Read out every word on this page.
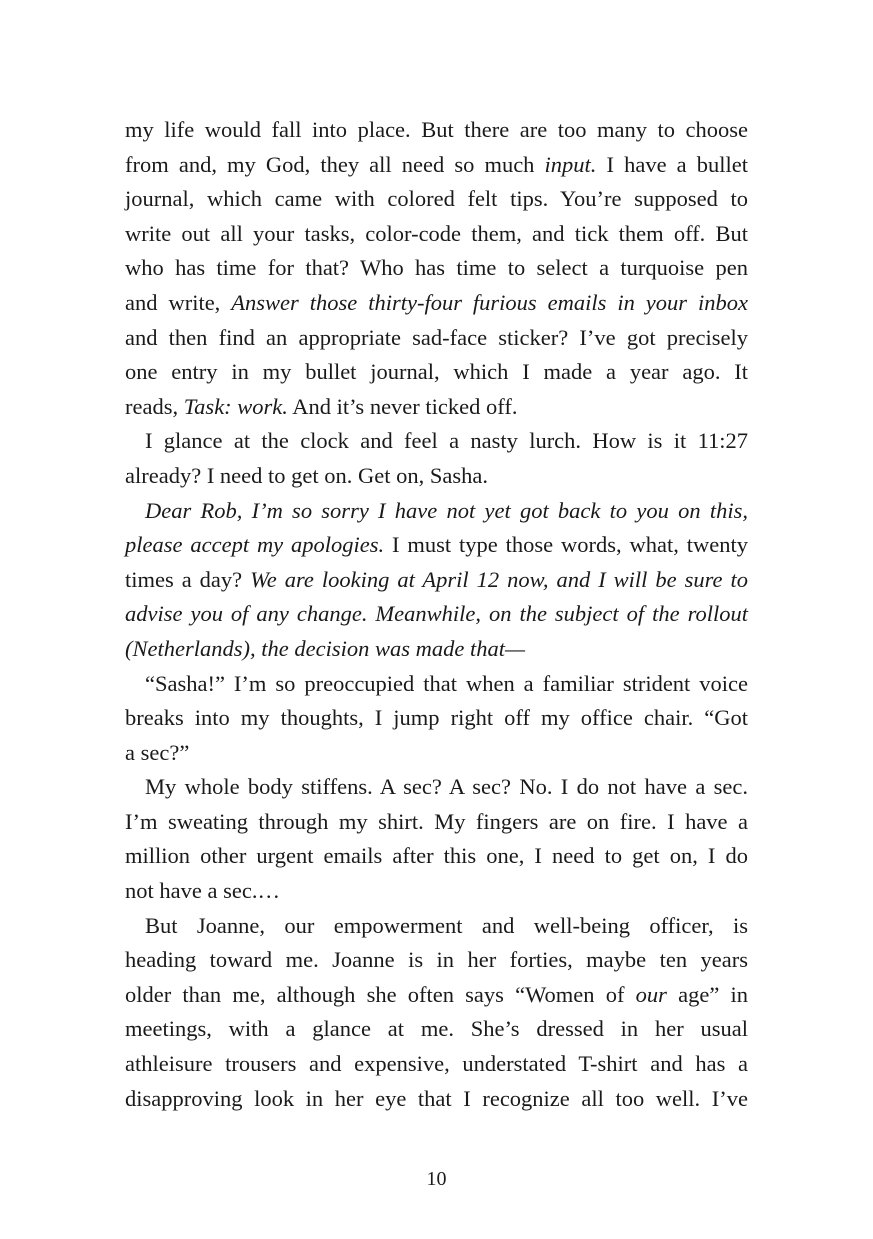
my life would fall into place. But there are too many to choose
from and, my God, they all need so much input. I have a bullet
journal, which came with colored felt tips. You’re supposed to
write out all your tasks, color-code them, and tick them off. But
who has time for that? Who has time to select a turquoise pen
and write, Answer those thirty-four furious emails in your inbox
and then find an appropriate sad-face sticker? I’ve got precisely
one entry in my bullet journal, which I made a year ago. It
reads, Task: work. And it’s never ticked off.
I glance at the clock and feel a nasty lurch. How is it 11:27
already? I need to get on. Get on, Sasha.
Dear Rob, I’m so sorry I have not yet got back to you on this,
please accept my apologies. I must type those words, what, twenty
times a day? We are looking at April 12 now, and I will be sure to
advise you of any change. Meanwhile, on the subject of the rollout
(Netherlands), the decision was made that—
“Sasha!” I’m so preoccupied that when a familiar strident voice
breaks into my thoughts, I jump right off my office chair. “Got
a sec?”
My whole body stiffens. A sec? A sec? No. I do not have a sec.
I’m sweating through my shirt. My fingers are on fire. I have a
million other urgent emails after this one, I need to get on, I do
not have a sec.…
But Joanne, our empowerment and well-being officer, is
heading toward me. Joanne is in her forties, maybe ten years
older than me, although she often says “Women of our age” in
meetings, with a glance at me. She’s dressed in her usual
athleisure trousers and expensive, understated T-shirt and has a
disapproving look in her eye that I recognize all too well. I’ve
10
